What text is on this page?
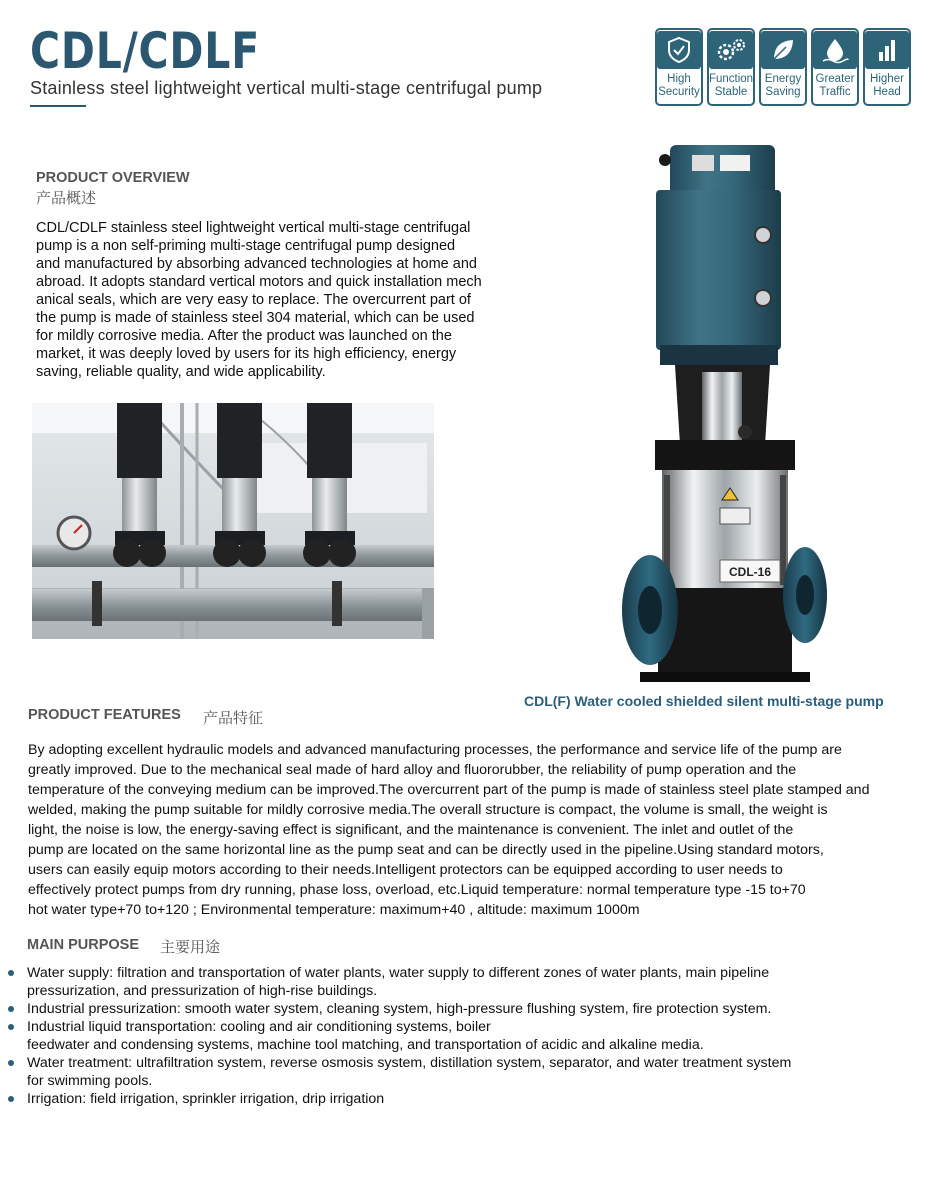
CDL/CDLF
Stainless steel lightweight vertical multi-stage centrifugal pump	High Security
Function Stable
Energy Saving
Greater Traffic
Higher Head
PRODUCT OVERVIEW
产品概述
CDL/CDLF stainless steel lightweight vertical multi-stage centrifugal
pump is a non self-priming multi-stage centrifugal pump designed
and manufactured by absorbing advanced technologies at home and
abroad. It adopts standard vertical motors and quick installation mech
anical seals, which are very easy to replace. The overcurrent part of
the pump is made of stainless steel 304 material, which can be used
for mildly corrosive media. After the product was launched on the
market, it was deeply loved by users for its high efficiency, energy
saving, reliable quality, and wide applicability.
CDL-16
CDL(F) Water cooled shielded silent multi-stage pump
PRODUCT FEATURES 产品特征
By adopting excellent hydraulic models and advanced manufacturing processes, the performance and service life of the pump are
greatly improved. Due to the mechanical seal made of hard alloy and fluororubber, the reliability of pump operation and the
temperature of the conveying medium can be improved.The overcurrent part of the pump is made of stainless steel plate stamped and
welded, making the pump suitable for mildly corrosive media.The overall structure is compact, the volume is small, the weight is
light, the noise is low, the energy-saving effect is significant, and the maintenance is convenient. The inlet and outlet of the
pump are located on the same horizontal line as the pump seat and can be directly used in the pipeline.Using standard motors,
users can easily equip motors according to their needs.Intelligent protectors can be equipped according to user needs to
effectively protect pumps from dry running, phase loss, overload, etc.Liquid temperature: normal temperature type -15 to+70
hot water type+70 to+120 ; Environmental temperature: maximum+40 , altitude: maximum 1000m
MAIN PURPOSE 主要用途
Water supply: filtration and transportation of water plants, water supply to different zones of water plants, main pipeline
pressurization, and pressurization of high-rise buildings.
Industrial pressurization: smooth water system, cleaning system, high-pressure flushing system, fire protection system.
Industrial liquid transportation: cooling and air conditioning systems, boiler
feedwater and condensing systems, machine tool matching, and transportation of acidic and alkaline media.
Water treatment: ultrafiltration system, reverse osmosis system, distillation system, separator, and water treatment system
for swimming pools.
Irrigation: field irrigation, sprinkler irrigation, drip irrigation
